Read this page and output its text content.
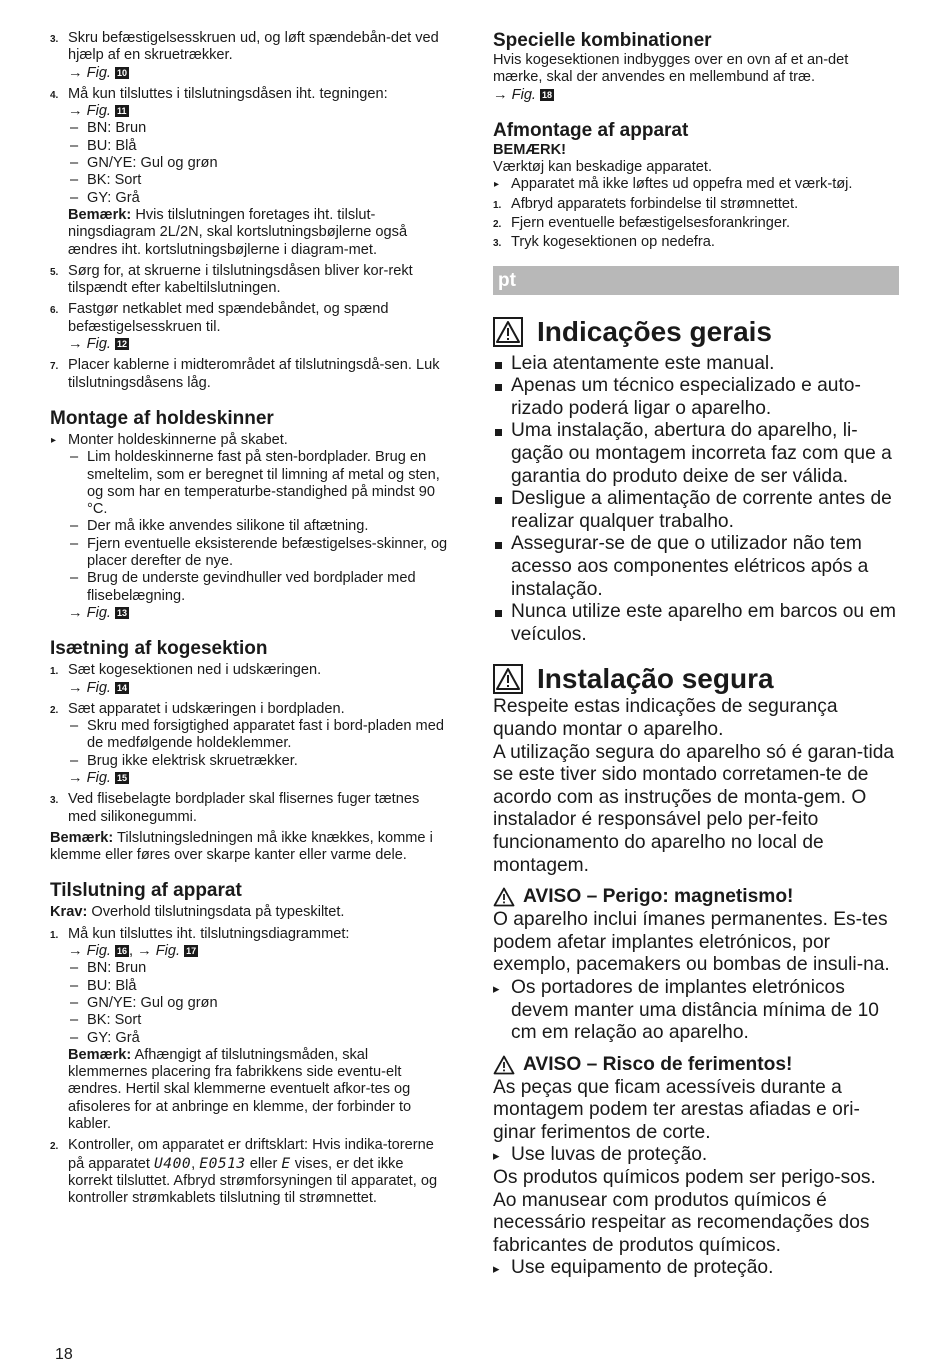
3. Skru befæstigelsesskruen ud, og løft spændebån-det ved hjælp af en skruetrækker.
→ Fig. 10
4. Må kun tilsluttes i tilslutningsdåsen iht. tegningen:
→ Fig. 11
– BN: Brun
– BU: Blå
– GN/YE: Gul og grøn
– BK: Sort
– GY: Grå
Bemærk: Hvis tilslutningen foretages iht. tilslut-ningsdiagram 2L/2N, skal kortslutningsbøjlerne også ændres iht. kortslutningsbøjlerne i diagram-met.
5. Sørg for, at skruerne i tilslutningsdåsen bliver kor-rekt tilspændt efter kabeltilslutningen.
6. Fastgør netkablet med spændebåndet, og spænd befæstigelsesskruen til.
→ Fig. 12
7. Placer kablerne i midterområdet af tilslutningsdå-sen. Luk tilslutningsdåsens låg.
Montage af holdeskinner
▸ Monter holdeskinnerne på skabet.
– Lim holdeskinnerne fast på sten-bordplader. Brug en smeltelim, som er beregnet til limning af metal og sten, og som har en temperaturbe-standighed på mindst 90 °C.
– Der må ikke anvendes silikone til aftætning.
– Fjern eventuelle eksisterende befæstigelses-skinner, og placer derefter de nye.
– Brug de underste gevindhuller ved bordplader med flisebelægning.
→ Fig. 13
Isætning af kogesektion
1. Sæt kogesektionen ned i udskæringen.
→ Fig. 14
2. Sæt apparatet i udskæringen i bordpladen.
– Skru med forsigtighed apparatet fast i bord-pladen med de medfølgende holdeklemmer.
– Brug ikke elektrisk skruetrækker.
→ Fig. 15
3. Ved flisebelagte bordplader skal flisernes fuger tætnes med silikonegummi.
Bemærk: Tilslutningsledningen må ikke knækkes, komme i klemme eller føres over skarpe kanter eller varme dele.
Tilslutning af apparat
Krav: Overhold tilslutningsdata på typeskiltet.
1. Må kun tilsluttes iht. tilslutningsdiagrammet:
→ Fig. 16 , → Fig. 17
– BN: Brun
– BU: Blå
– GN/YE: Gul og grøn
– BK: Sort
– GY: Grå
Bemærk: Afhængigt af tilslutningsmåden, skal klemmernes placering fra fabrikkens side eventu-elt ændres. Hertil skal klemmerne eventuelt afkor-tes og afisoleres for at anbringe en klemme, der forbinder to kabler.
2. Kontroller, om apparatet er driftsklart: Hvis indika-torerne på apparatet U400, E0513 eller E vises, er det ikke korrekt tilsluttet. Afbryd strømforsyningen til apparatet, og kontroller strømkablets tilslutning til strømnettet.
Specielle kombinationer
Hvis kogesektionen indbygges over en ovn af et an-det mærke, skal der anvendes en mellembund af træ.
→ Fig. 18
Afmontage af apparat
BEMÆRK!
Værktøj kan beskadige apparatet.
▸ Apparatet må ikke løftes ud oppefra med et værk-tøj.
1. Afbryd apparatets forbindelse til strømnettet.
2. Fjern eventuelle befæstigelsesforankringer.
3. Tryk kogesektionen op nedefra.
pt
Indicações gerais
Leia atentamente este manual.
Apenas um técnico especializado e auto-rizado poderá ligar o aparelho.
Uma instalação, abertura do aparelho, li-gação ou montagem incorreta faz com que a garantia do produto deixe de ser válida.
Desligue a alimentação de corrente antes de realizar qualquer trabalho.
Assegurar-se de que o utilizador não tem acesso aos componentes elétricos após a instalação.
Nunca utilize este aparelho em barcos ou em veículos.
Instalação segura
Respeite estas indicações de segurança quando montar o aparelho.
A utilização segura do aparelho só é garan-tida se este tiver sido montado corretamen-te de acordo com as instruções de monta-gem. O instalador é responsável pelo per-feito funcionamento do aparelho no local de montagem.
AVISO – Perigo: magnetismo!
O aparelho inclui ímanes permanentes. Es-tes podem afetar implantes eletrónicos, por exemplo, pacemakers ou bombas de insuli-na.
▸ Os portadores de implantes eletrónicos devem manter uma distância mínima de 10 cm em relação ao aparelho.
AVISO – Risco de ferimentos!
As peças que ficam acessíveis durante a montagem podem ter arestas afiadas e ori-ginar ferimentos de corte.
▸ Use luvas de proteção.
Os produtos químicos podem ser perigo-sos. Ao manusear com produtos químicos é necessário respeitar as recomendações dos fabricantes de produtos químicos.
▸ Use equipamento de proteção.
18
